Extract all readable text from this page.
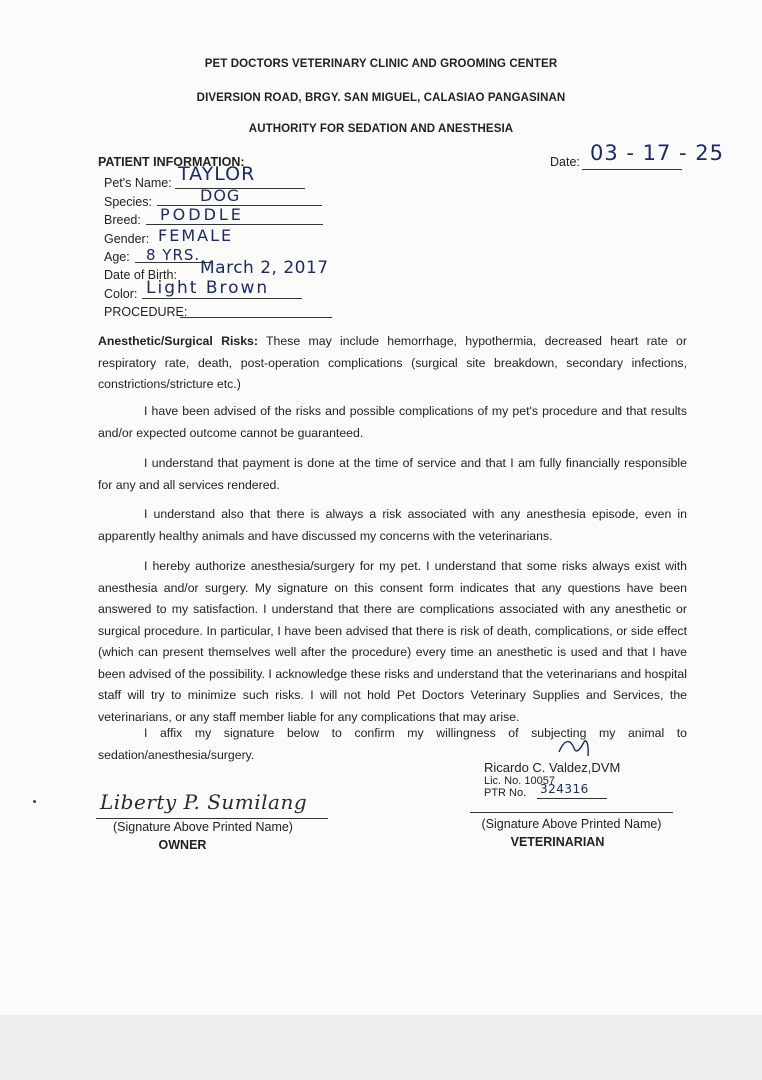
PET DOCTORS VETERINARY CLINIC AND GROOMING CENTER
DIVERSION ROAD, BRGY. SAN MIGUEL, CALASIAO PANGASINAN
AUTHORITY FOR SEDATION AND ANESTHESIA
Date: 03 - 17 - 25
PATIENT INFORMATION:
Pet's Name: TAYLOR
Species:	DOG
Breed: PODDLE
Gender: FEMALE
Age: 8 YRS.
Date of Birth: March 2, 2017
Color: Light Brown
PROCEDURE:
Anesthetic/Surgical Risks: These may include hemorrhage, hypothermia, decreased heart rate or respiratory rate, death, post-operation complications (surgical site breakdown, secondary infections, constrictions/stricture etc.)
I have been advised of the risks and possible complications of my pet's procedure and that results and/or expected outcome cannot be guaranteed.
I understand that payment is done at the time of service and that I am fully financially responsible for any and all services rendered.
I understand also that there is always a risk associated with any anesthesia episode, even in apparently healthy animals and have discussed my concerns with the veterinarians.
I hereby authorize anesthesia/surgery for my pet. I understand that some risks always exist with anesthesia and/or surgery. My signature on this consent form indicates that any questions have been answered to my satisfaction. I understand that there are complications associated with any anesthetic or surgical procedure. In particular, I have been advised that there is risk of death, complications, or side effect (which can present themselves well after the procedure) every time an anesthetic is used and that I have been advised of the possibility. I acknowledge these risks and understand that the veterinarians and hospital staff will try to minimize such risks. I will not hold Pet Doctors Veterinary Supplies and Services, the veterinarians, or any staff member liable for any complications that may arise.
I affix my signature below to confirm my willingness of subjecting my animal to sedation/anesthesia/surgery.
Liberty P. Sumilang
(Signature Above Printed Name)
OWNER
Ricardo C. Valdez,DVM
Lic. No. 10057
PTR No. 324316
(Signature Above Printed Name)
VETERINARIAN
